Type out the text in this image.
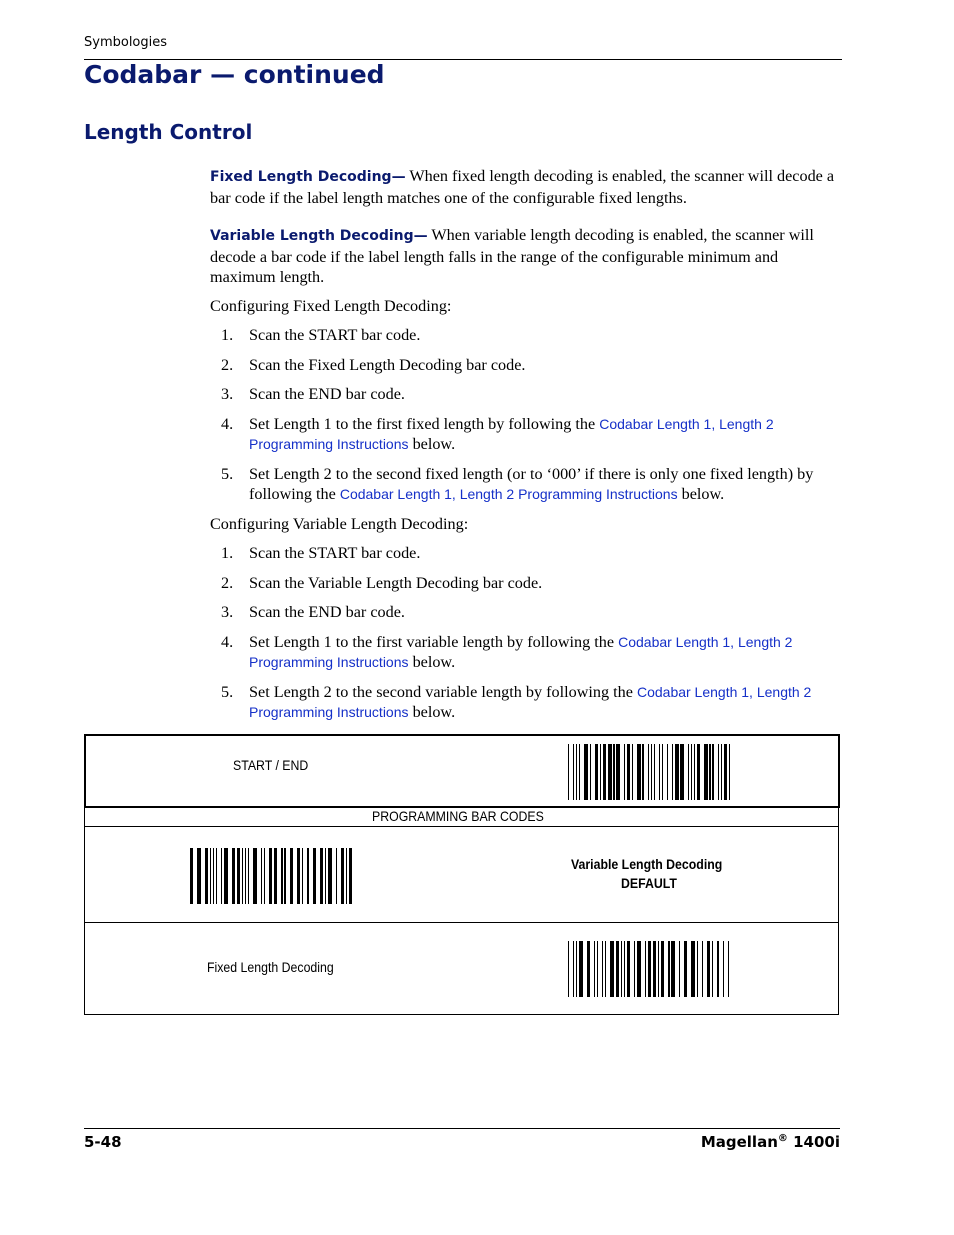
Symbologies
Codabar — continued
Length Control

Fixed Length Decoding— When fixed length decoding is enabled, the scanner will decode a bar code if the label length matches one of the configurable fixed lengths.

Variable Length Decoding— When variable length decoding is enabled, the scanner will decode a bar code if the label length falls in the range of the configurable minimum and maximum length.

Configuring Fixed Length Decoding:

1. Scan the START bar code.
2. Scan the Fixed Length Decoding bar code.
3. Scan the END bar code.
4. Set Length 1 to the first fixed length by following the Codabar Length 1, Length 2 Programming Instructions below.
5. Set Length 2 to the second fixed length (or to ‘000’ if there is only one fixed length) by following the Codabar Length 1, Length 2 Programming Instructions below.

Configuring Variable Length Decoding:

1. Scan the START bar code.
2. Scan the Variable Length Decoding bar code.
3. Scan the END bar code.
4. Set Length 1 to the first variable length by following the Codabar Length 1, Length 2 Programming Instructions below.
5. Set Length 2 to the second variable length by following the Codabar Length 1, Length 2 Programming Instructions below.
START / END
PROGRAMMING BAR CODES
Variable Length Decoding
DEFAULT
Fixed Length Decoding
5-48	Magellan® 1400i
